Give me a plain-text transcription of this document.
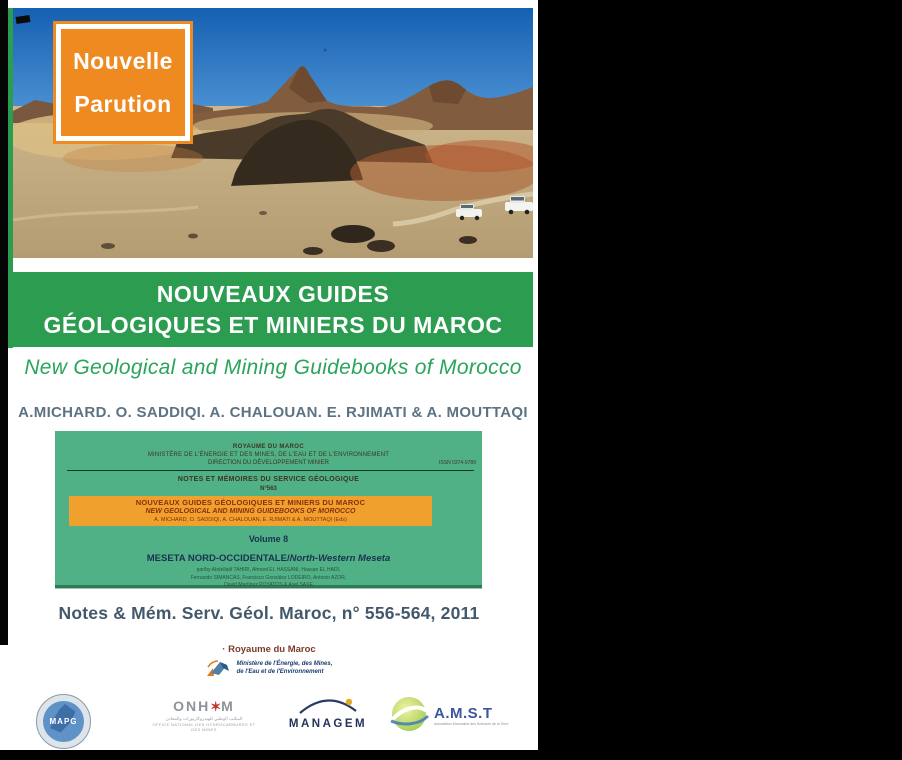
Nouvelle
Parution
NOUVEAUX GUIDES
GÉOLOGIQUES ET MINIERS DU MAROC
New Geological and Mining Guidebooks of Morocco
A.MICHARD. O. SADDIQI. A. CHALOUAN. E. RJIMATI & A. MOUTTAQI
ROYAUME DU MAROC
MINISTÈRE DE L'ÉNERGIE ET DES MINES, DE L'EAU ET DE L'ENVIRONNEMENT
DIRECTION DU DÉVELOPPEMENT MINIER	ISSN 0374-9789
NOTES ET MÉMOIRES DU SERVICE GÉOLOGIQUE
N°563
NOUVEAUX GUIDES GÉOLOGIQUES ET MINIERS DU MAROC
NEW GEOLOGICAL AND MINING GUIDEBOOKS OF MOROCCO
A. MICHARD, O. SADDIQI, A. CHALOUAN, E. RJIMATI & A. MOUTTAQI (Eds)
Volume 8
MESETA NORD-OCCIDENTALE/North-Western Meseta
par/by Abdellatif TAHIRI, Ahmed EL HASSANI, Hassan EL HADI,
Fernando SIMANCAS, Francisco González LODEIRO, Antonio AZOR,
David Martínez POYATOS & Axel SAXE
Notes & Mém. Serv. Géol. Maroc, n° 556-564, 2011
· Royaume du Maroc
Ministère de l'Énergie, des Mines,
de l'Eau et de l'Environnement
MAPG
ONH✶M
المكتب الوطني للهيدروكاربورات والمعادن
OFFICE NATIONAL DES HYDROCARBURES ET DES MINES	MANAGEM
A.M.S.T
Association Marocaine des Sciences de la Terre
